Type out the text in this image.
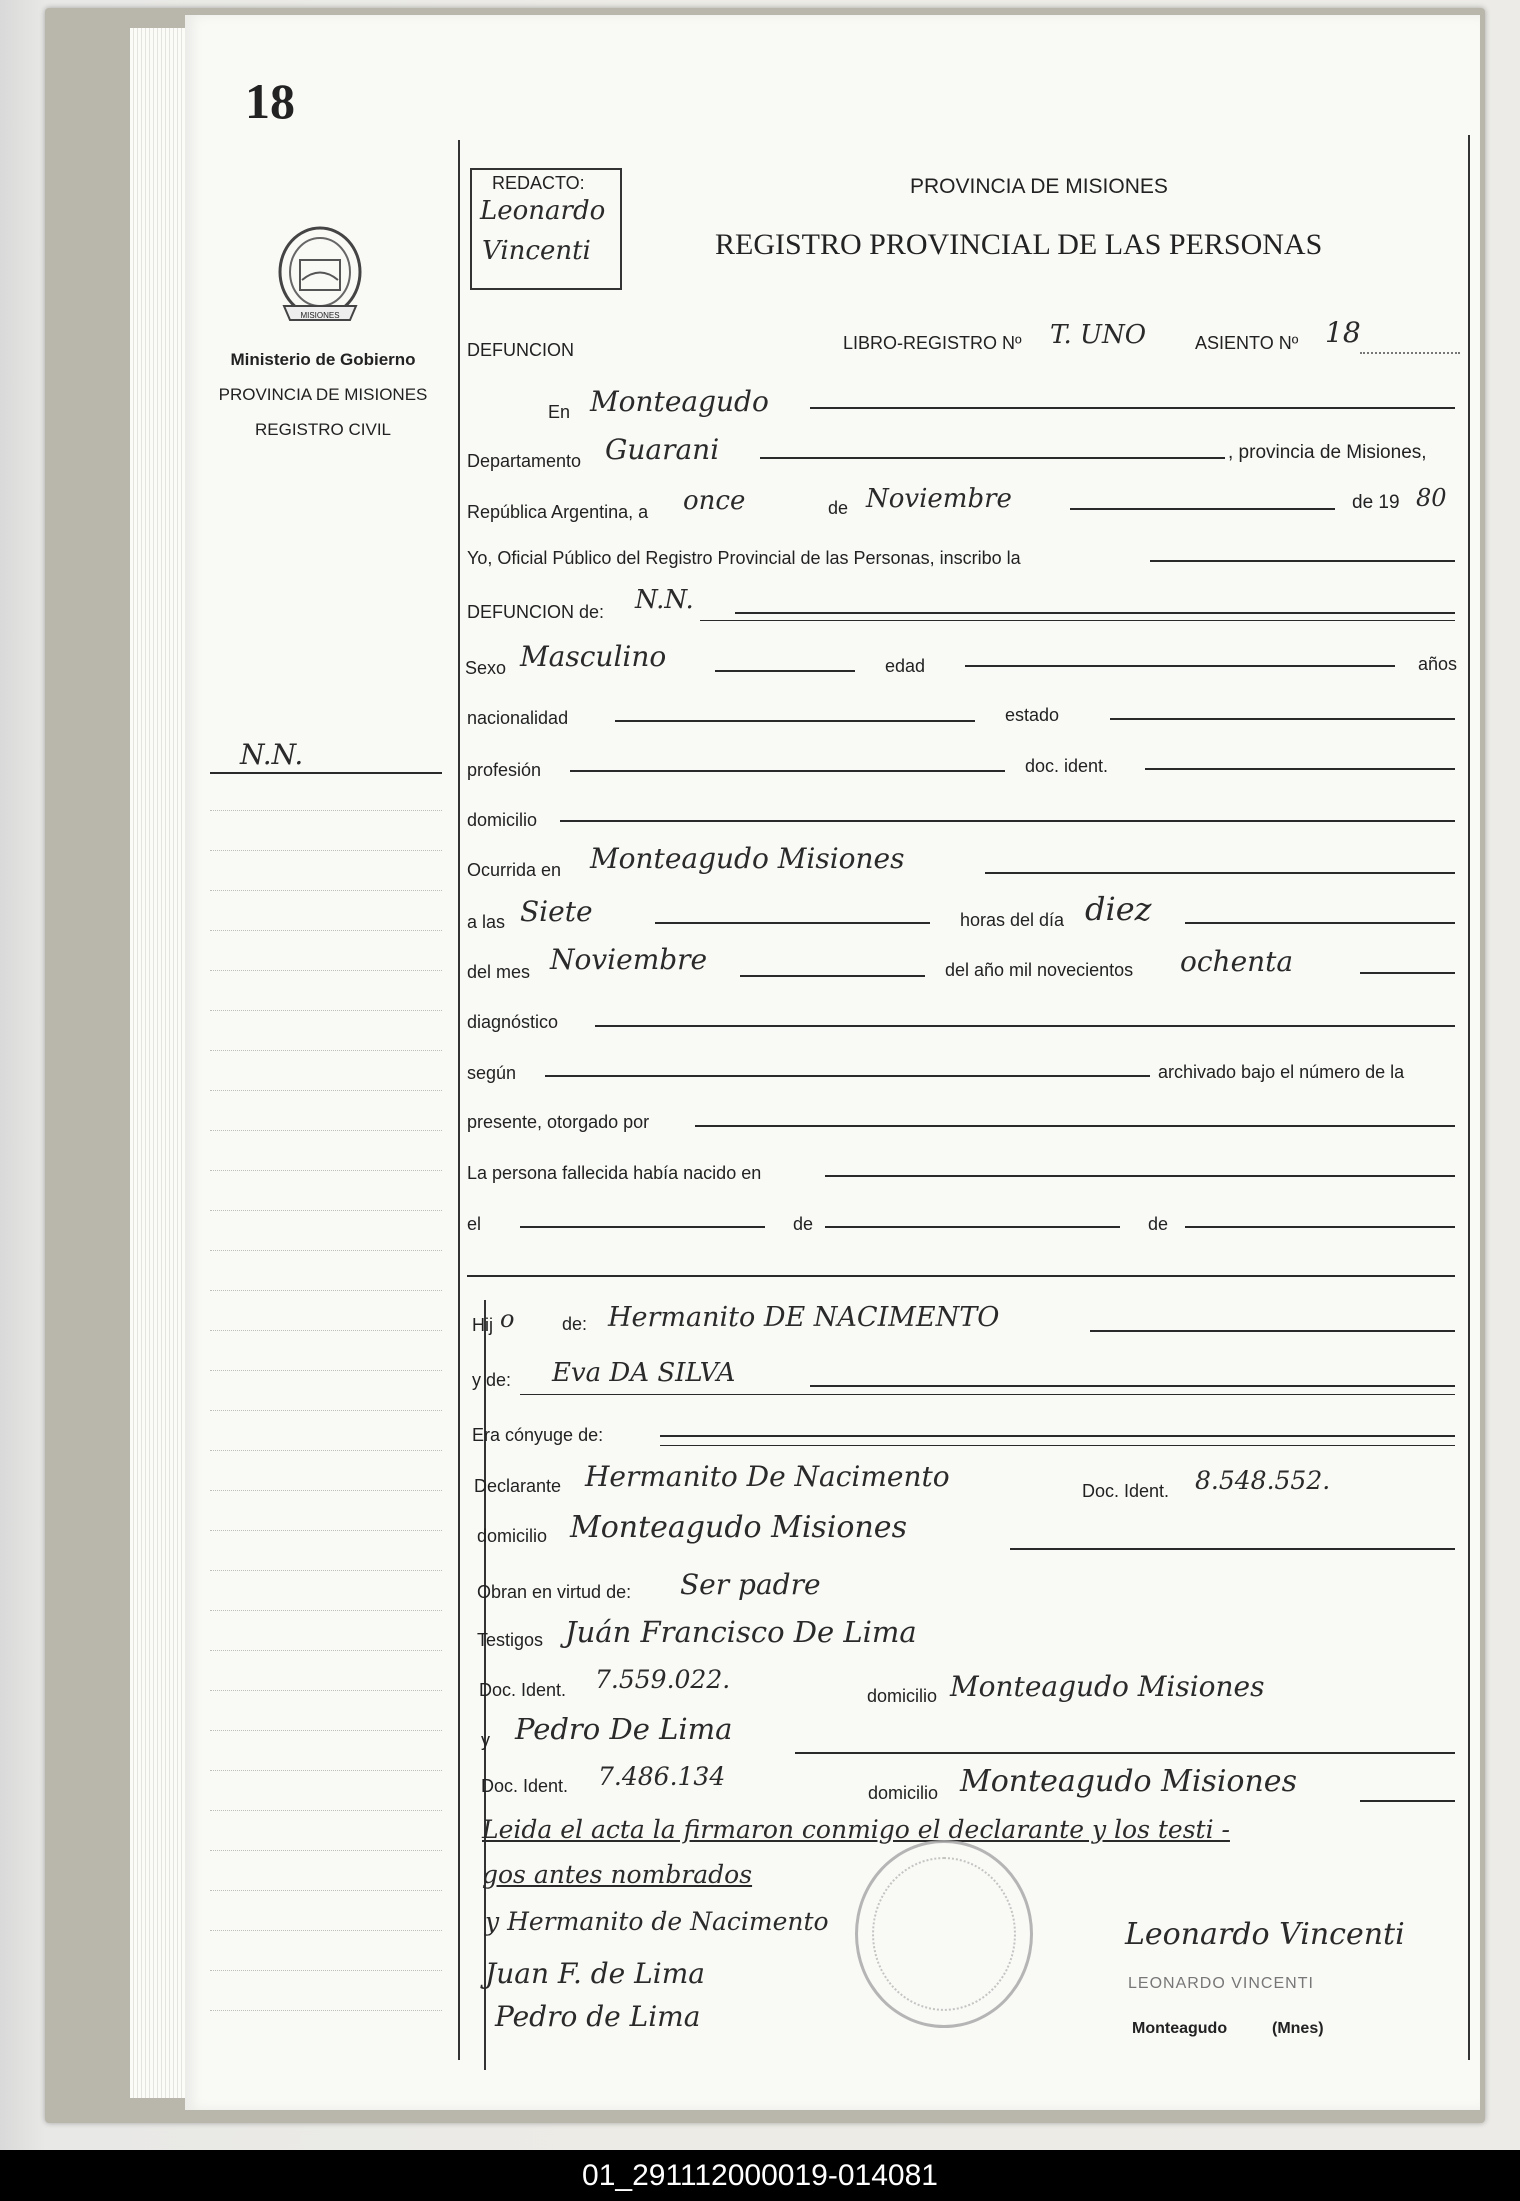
18
MISIONES
Ministerio de Gobierno
PROVINCIA DE MISIONES
REGISTRO CIVIL
REDACTO:
Leonardo
Vincenti
PROVINCIA DE MISIONES
REGISTRO PROVINCIAL DE LAS PERSONAS
N.N.
DEFUNCION	LIBRO-REGISTRO Nº T. UNO	ASIENTO Nº 18
En Monteagudo
Departamento Guarani	, provincia de Misiones,
República Argentina, a once	de Noviembre	de 19 80
Yo, Oficial Público del Registro Provincial de las Personas, inscribo la
DEFUNCION de: N.N.
Sexo Masculino	edad	años
nacionalidad	estado
profesión	doc. ident.
domicilio
Ocurrida en Monteagudo Misiones
a las Siete	horas del día diez
del mes Noviembre	del año mil novecientos ochenta
diagnóstico
según	archivado bajo el número de la
presente, otorgado por
La persona fallecida había nacido en
el	de	de
Hij o	de: Hermanito DE NACIMENTO
y de: Eva DA SILVA
Era cónyuge de:
Declarante Hermanito De Nacimento	Doc. Ident. 8.548.552.
domicilio Monteagudo Misiones
Obran en virtud de: Ser padre
Testigos Juán Francisco De Lima
Doc. Ident. 7.559.022.
domicilio Monteagudo Misiones
y Pedro De Lima
Doc. Ident. 7.486.134
domicilio Monteagudo Misiones
Leida el acta la firmaron conmigo el declarante y los testi -
gos antes nombrados
y Hermanito de Nacimento
Juan F. de Lima
Pedro de Lima
Leonardo Vincenti
LEONARDO VINCENTI
Monteagudo	(Mnes)
01_291112000019-014081
